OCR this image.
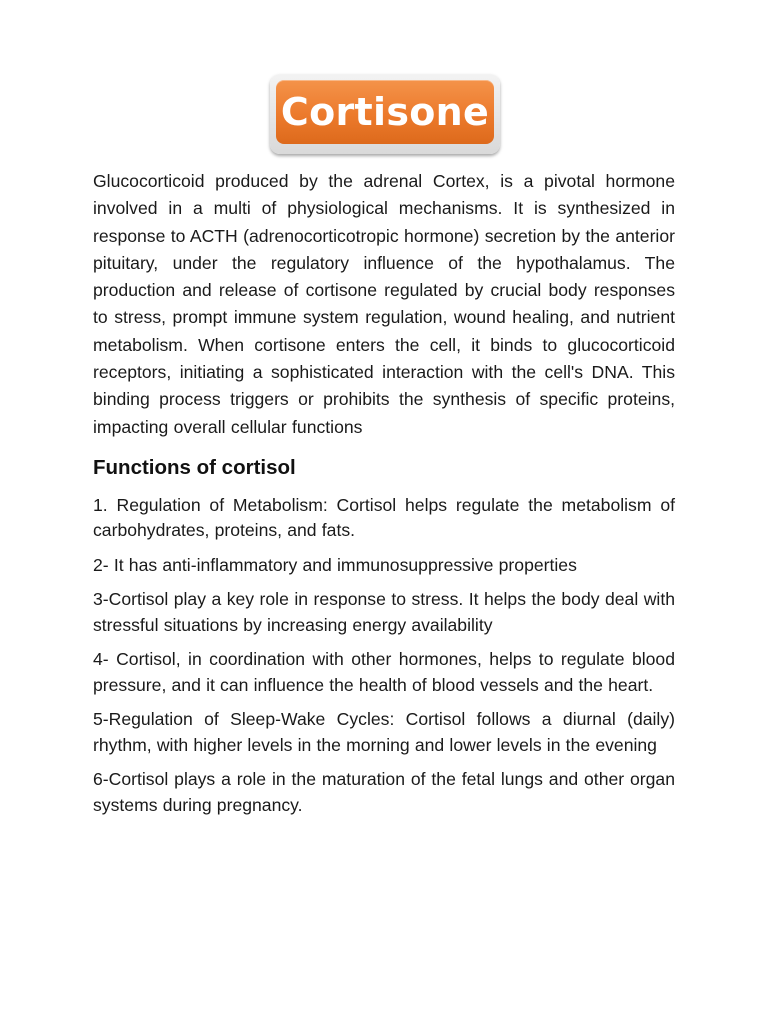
Cortisone

Glucocorticoid produced by the adrenal Cortex, is a pivotal hormone involved in a multi of physiological mechanisms. It is synthesized in response to ACTH (adrenocorticotropic hormone) secretion by the anterior pituitary, under the regulatory influence of the hypothalamus. The production and release of cortisone regulated by crucial body responses to stress, prompt immune system regulation, wound healing, and nutrient metabolism. When cortisone enters the cell, it binds to glucocorticoid receptors, initiating a sophisticated interaction with the cell's DNA. This binding process triggers or prohibits the synthesis of specific proteins, impacting overall cellular functions

Functions of cortisol

1. Regulation of Metabolism: Cortisol helps regulate the metabolism of carbohydrates, proteins, and fats.

2- It has anti-inflammatory and immunosuppressive properties

3-Cortisol play a key role in response to stress. It helps the body deal with stressful situations by increasing energy availability

4- Cortisol, in coordination with other hormones, helps to regulate blood pressure, and it can influence the health of blood vessels and the heart.

5-Regulation of Sleep-Wake Cycles: Cortisol follows a diurnal (daily) rhythm, with higher levels in the morning and lower levels in the evening

6-Cortisol plays a role in the maturation of the fetal lungs and other organ systems during pregnancy.
